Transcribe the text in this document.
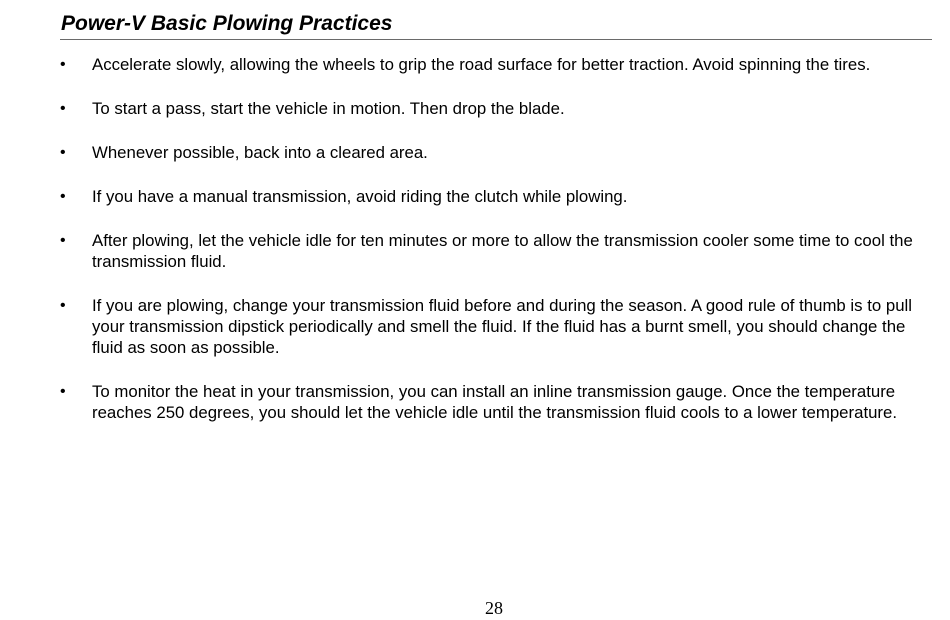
Power-V Basic Plowing Practices
• Accelerate slowly, allowing the wheels to grip the road surface for better traction. Avoid spinning the tires.
• To start a pass, start the vehicle in motion. Then drop the blade.
• Whenever possible, back into a cleared area.
• If you have a manual transmission, avoid riding the clutch while plowing.
• After plowing, let the vehicle idle for ten minutes or more to allow the transmission cooler some time to cool the transmission fluid.
• If you are plowing, change your transmission fluid before and during the season. A good rule of thumb is to pull your transmission dipstick periodically and smell the fluid. If the fluid has a burnt smell, you should change the fluid as soon as possible.
• To monitor the heat in your transmission, you can install an inline transmission gauge. Once the temperature reaches 250 degrees, you should let the vehicle idle until the transmission fluid cools to a lower temperature.
28
